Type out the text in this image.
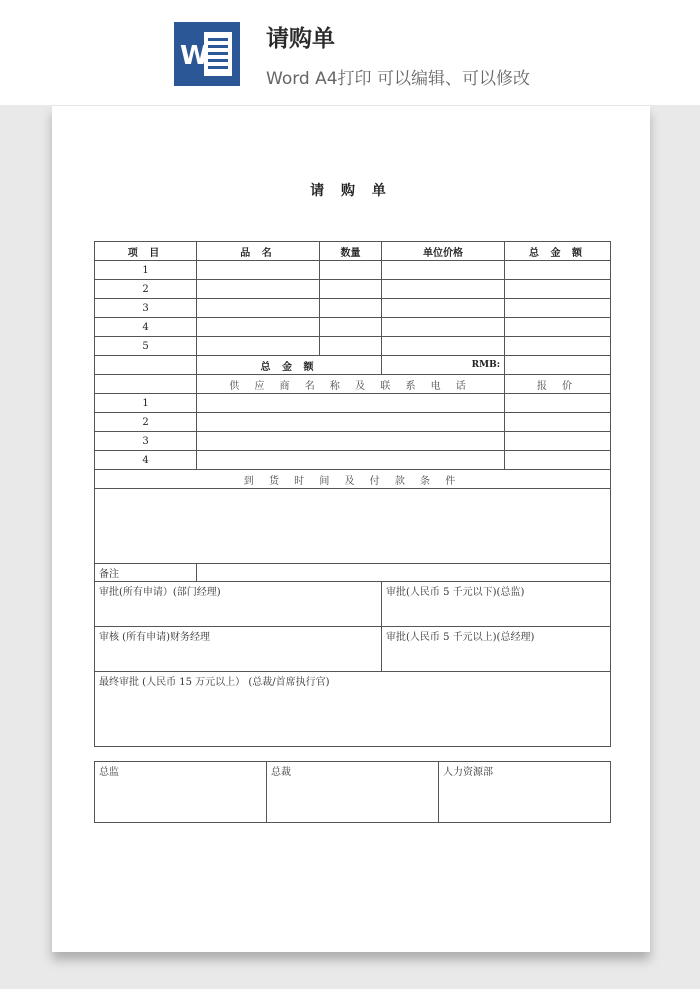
W
请购单
Word A4打印 可以编辑、可以修改
请 购 单
项 目	品 名	数量	单位价格	总 金 额
1				
2				
3				
4				
5				
	总 金 额		RMB:	
	供 应 商 名 称 及 联 系 电 话			报 价
1				
2				
3				
4				
到 货 时 间 及 付 款 条 件				

备注				
审批(所有申请）(部门经理)			审批(人民币 5 千元以下)(总监)	
审核 (所有申请)财务经理			审批(人民币 5 千元以上)(总经理)	
最终审批 (人民币 15 万元以上） (总裁/首席执行官)				
总监	总裁	人力资源部
